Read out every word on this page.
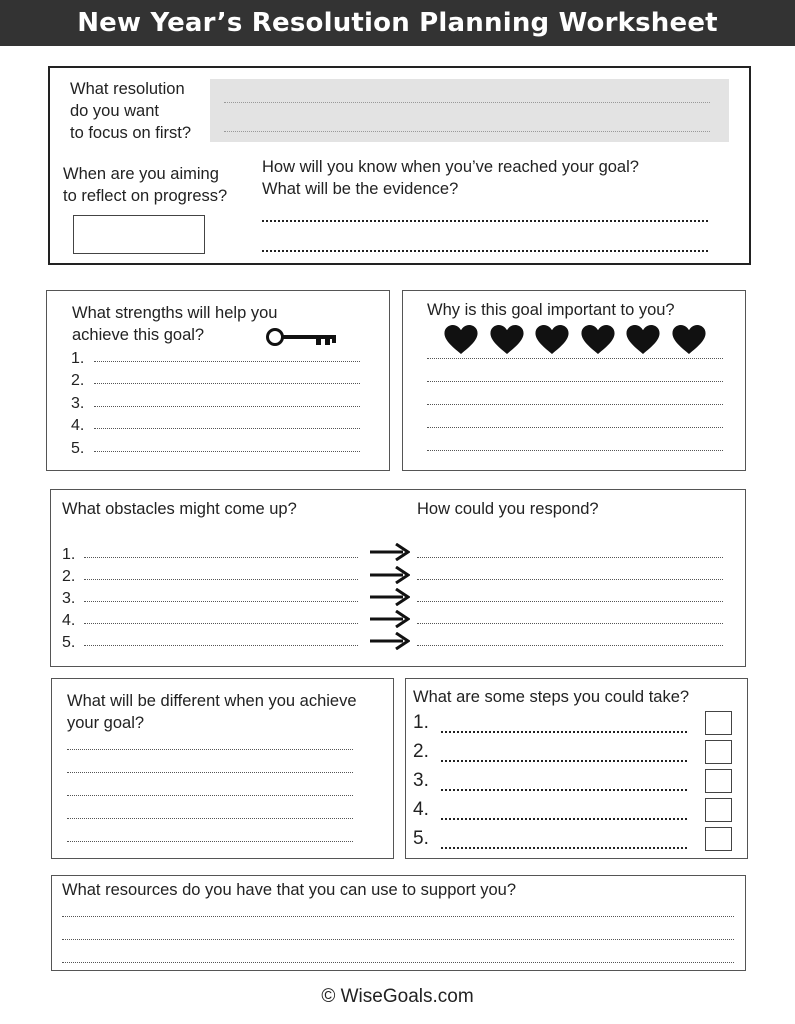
New Year’s Resolution Planning Worksheet
What resolution
do you want
to focus on first?
When are you aiming
to reflect on progress?
How will you know when you’ve reached your goal?
What will be the evidence?
What strengths will help you
achieve this goal?
1.
2.
3.
4.
5.
Why is this goal important to you?
What obstacles might come up?	How could you respond?
1.
2.
3.
4.
5.
What will be different when you achieve
your goal?
What are some steps you could take?
1.
2.
3.
4.
5.
What resources do you have that you can use to support you?
© WiseGoals.com
